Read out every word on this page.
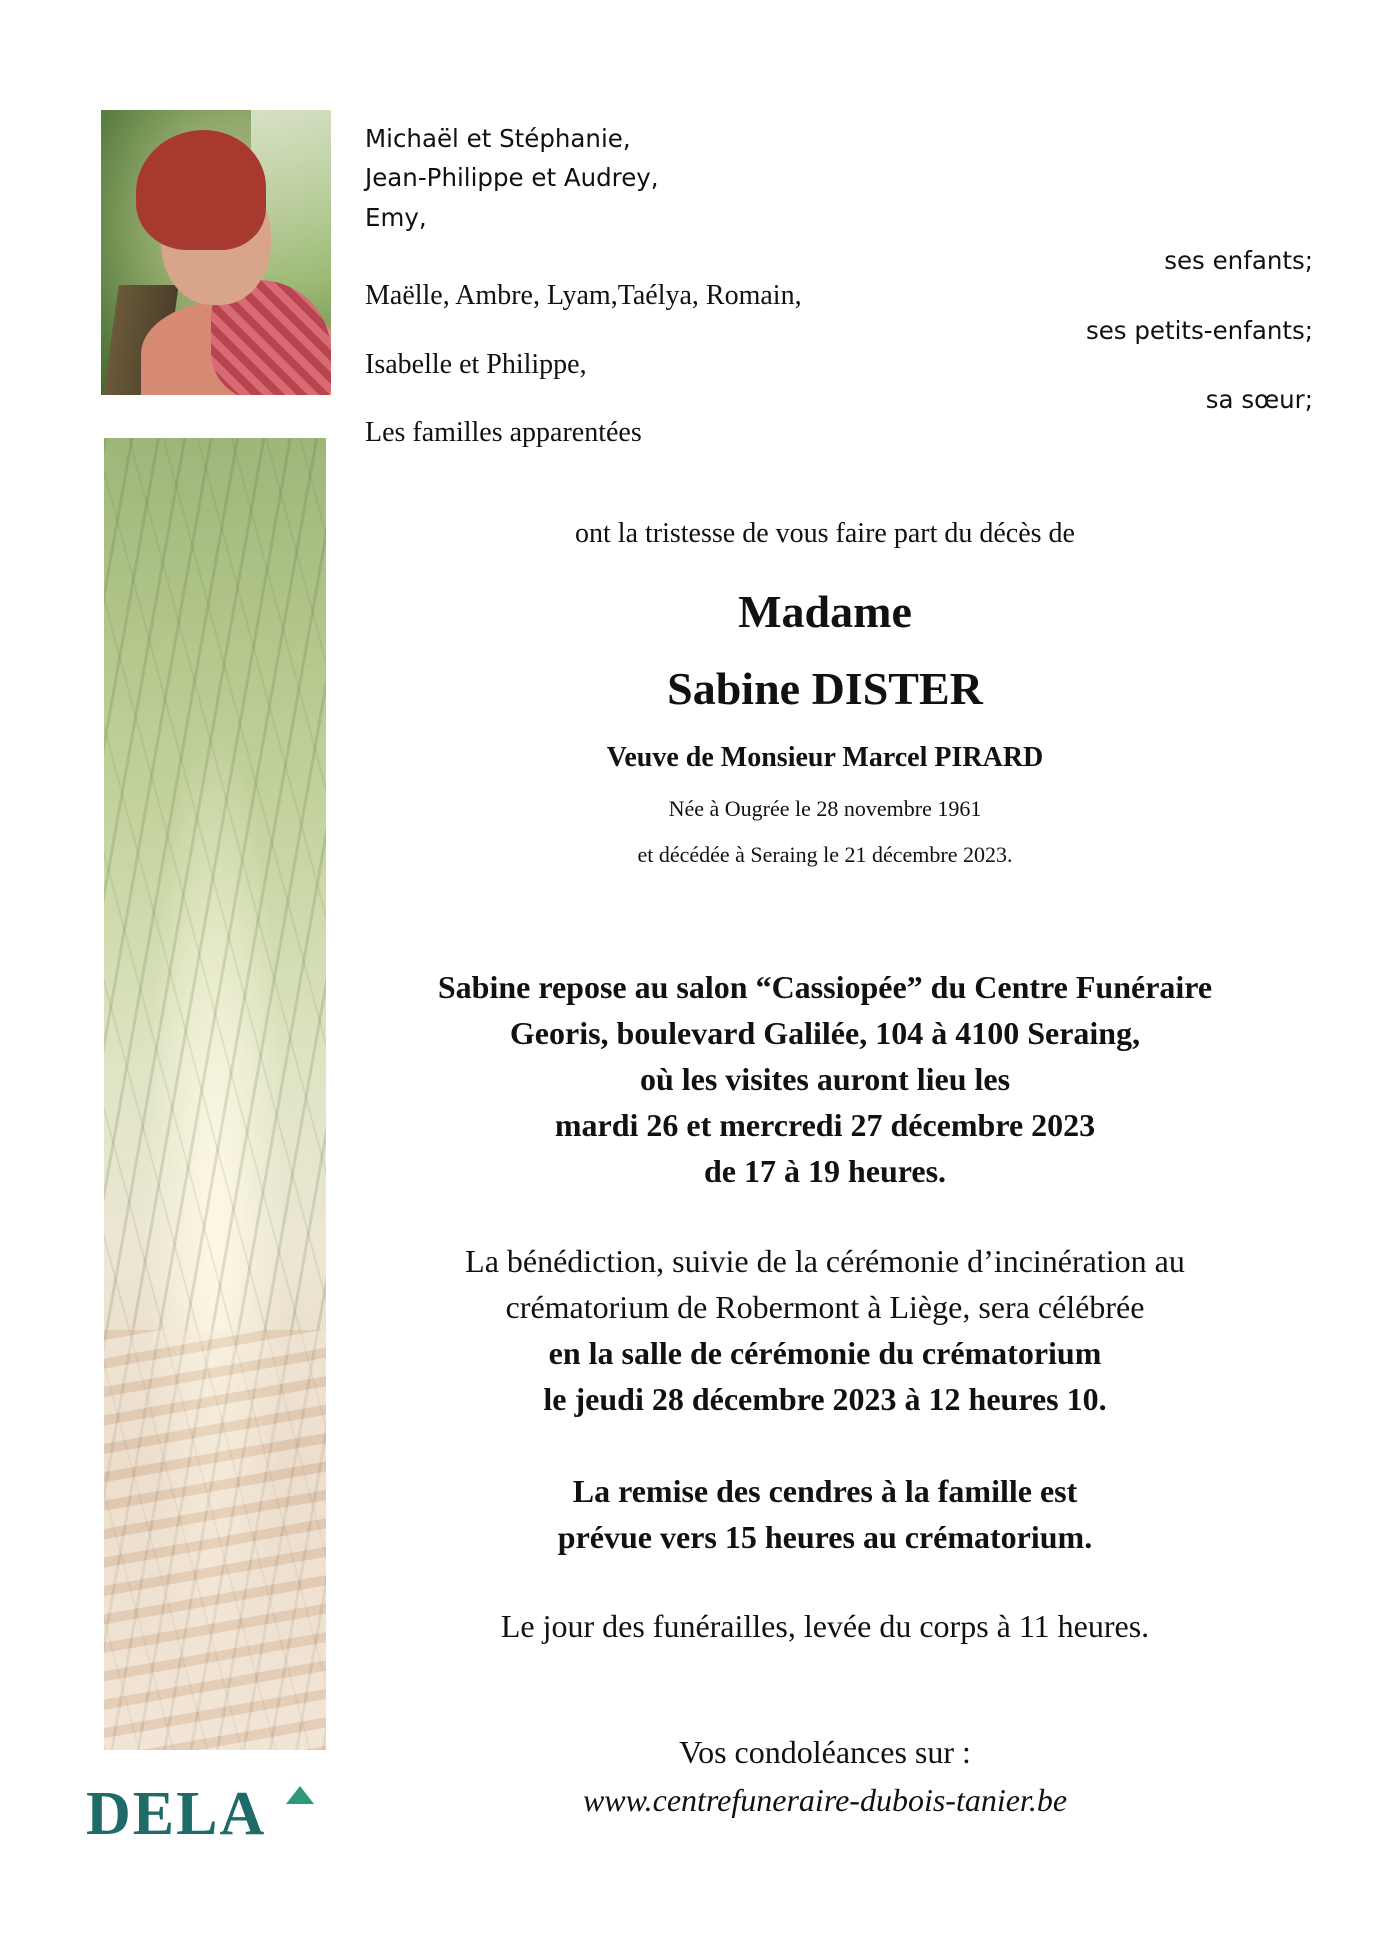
DELA
Michaël et Stéphanie,
Jean-Philippe et Audrey,
Emy,
ses enfants;
Maëlle, Ambre, Lyam,Taélya, Romain,
ses petits-enfants;
Isabelle et Philippe,
sa sœur;
Les familles apparentées

ont la tristesse de vous faire part du décès de

Madame

Sabine DISTER

Veuve de Monsieur Marcel PIRARD

Née à Ougrée le 28 novembre 1961

et décédée à Seraing le 21 décembre 2023.

Sabine repose au salon “Cassiopée” du Centre Funéraire

Georis, boulevard Galilée, 104 à 4100 Seraing,

où les visites auront lieu les

mardi 26 et mercredi 27 décembre 2023

de 17 à 19 heures.

La bénédiction, suivie de la cérémonie d’incinération au

crématorium de Robermont à Liège, sera célébrée

en la salle de cérémonie du crématorium

le jeudi 28 décembre 2023 à 12 heures 10.

La remise des cendres à la famille est

prévue vers 15 heures au crématorium.

Le jour des funérailles, levée du corps à 11 heures.

Vos condoléances sur :

www.centrefuneraire-dubois-tanier.be
